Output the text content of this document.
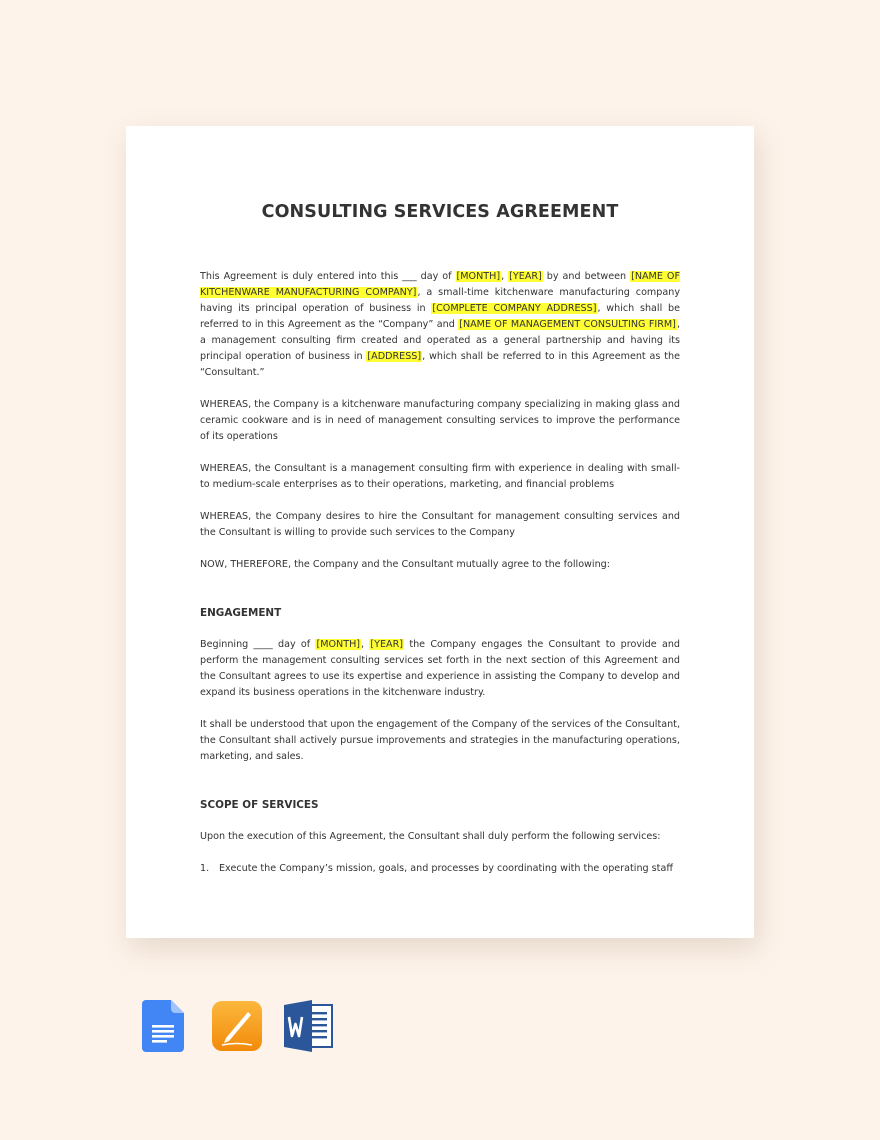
CONSULTING SERVICES AGREEMENT

This Agreement is duly entered into this ___ day of [MONTH], [YEAR] by and between [NAME OF KITCHENWARE MANUFACTURING COMPANY], a small-time kitchenware manufacturing company having its principal operation of business in [COMPLETE COMPANY ADDRESS], which shall be referred to in this Agreement as the “Company” and [NAME OF MANAGEMENT CONSULTING FIRM], a management consulting firm created and operated as a general partnership and having its principal operation of business in [ADDRESS], which shall be referred to in this Agreement as the “Consultant.”

WHEREAS, the Company is a kitchenware manufacturing company specializing in making glass and ceramic cookware and is in need of management consulting services to improve the performance of its operations

WHEREAS, the Consultant is a management consulting firm with experience in dealing with small- to medium-scale enterprises as to their operations, marketing, and financial problems

WHEREAS, the Company desires to hire the Consultant for management consulting services and the Consultant is willing to provide such services to the Company

NOW, THEREFORE, the Company and the Consultant mutually agree to the following:

ENGAGEMENT

Beginning ____ day of [MONTH], [YEAR] the Company engages the Consultant to provide and perform the management consulting services set forth in the next section of this Agreement and the Consultant agrees to use its expertise and experience in assisting the Company to develop and expand its business operations in the kitchenware industry.

It shall be understood that upon the engagement of the Company of the services of the Consultant, the Consultant shall actively pursue improvements and strategies in the manufacturing operations, marketing, and sales.

SCOPE OF SERVICES

Upon the execution of this Agreement, the Consultant shall duly perform the following services:

1.	Execute the Company’s mission, goals, and processes by coordinating with the operating staff
